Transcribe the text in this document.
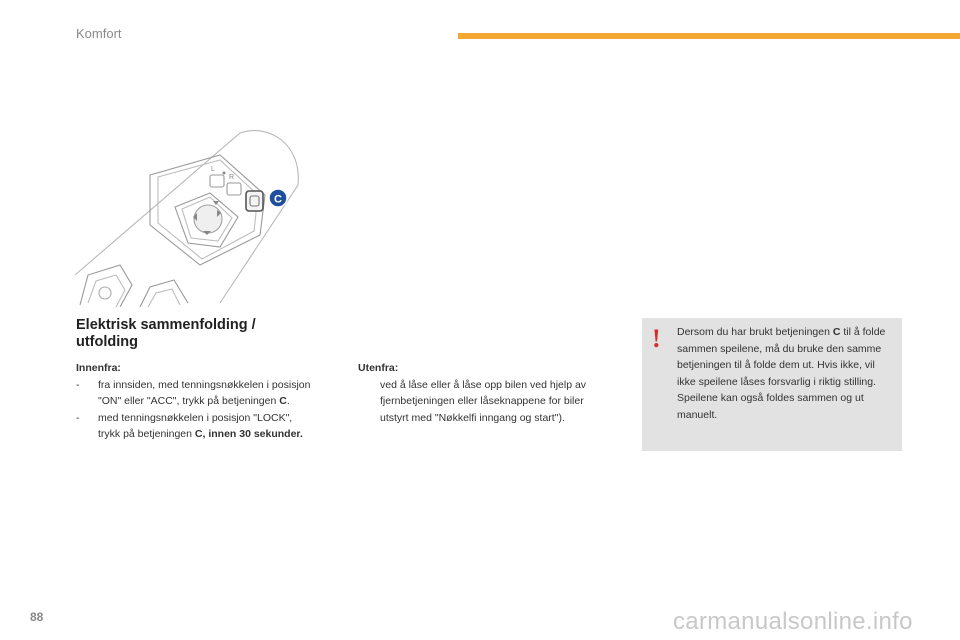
Komfort
L
R
C
Elektrisk sammenfolding / utfolding
Innenfra:
- fra innsiden, med tenningsnøkkelen i posisjon "ON" eller "ACC", trykk på betjeningen C.
- med tenningsnøkkelen i posisjon "LOCK", trykk på betjeningen C, innen 30 sekunder.
Utenfra:
ved å låse eller å låse opp bilen ved hjelp av fjernbetjeningen eller låseknappene for biler utstyrt med "Nøkkelfi inngang og start").
! Dersom du har brukt betjeningen C til å folde sammen speilene, må du bruke den samme betjeningen til å folde dem ut. Hvis ikke, vil ikke speilene låses forsvarlig i riktig stilling.
Speilene kan også foldes sammen og ut manuelt.
88	carmanualsonline.info
